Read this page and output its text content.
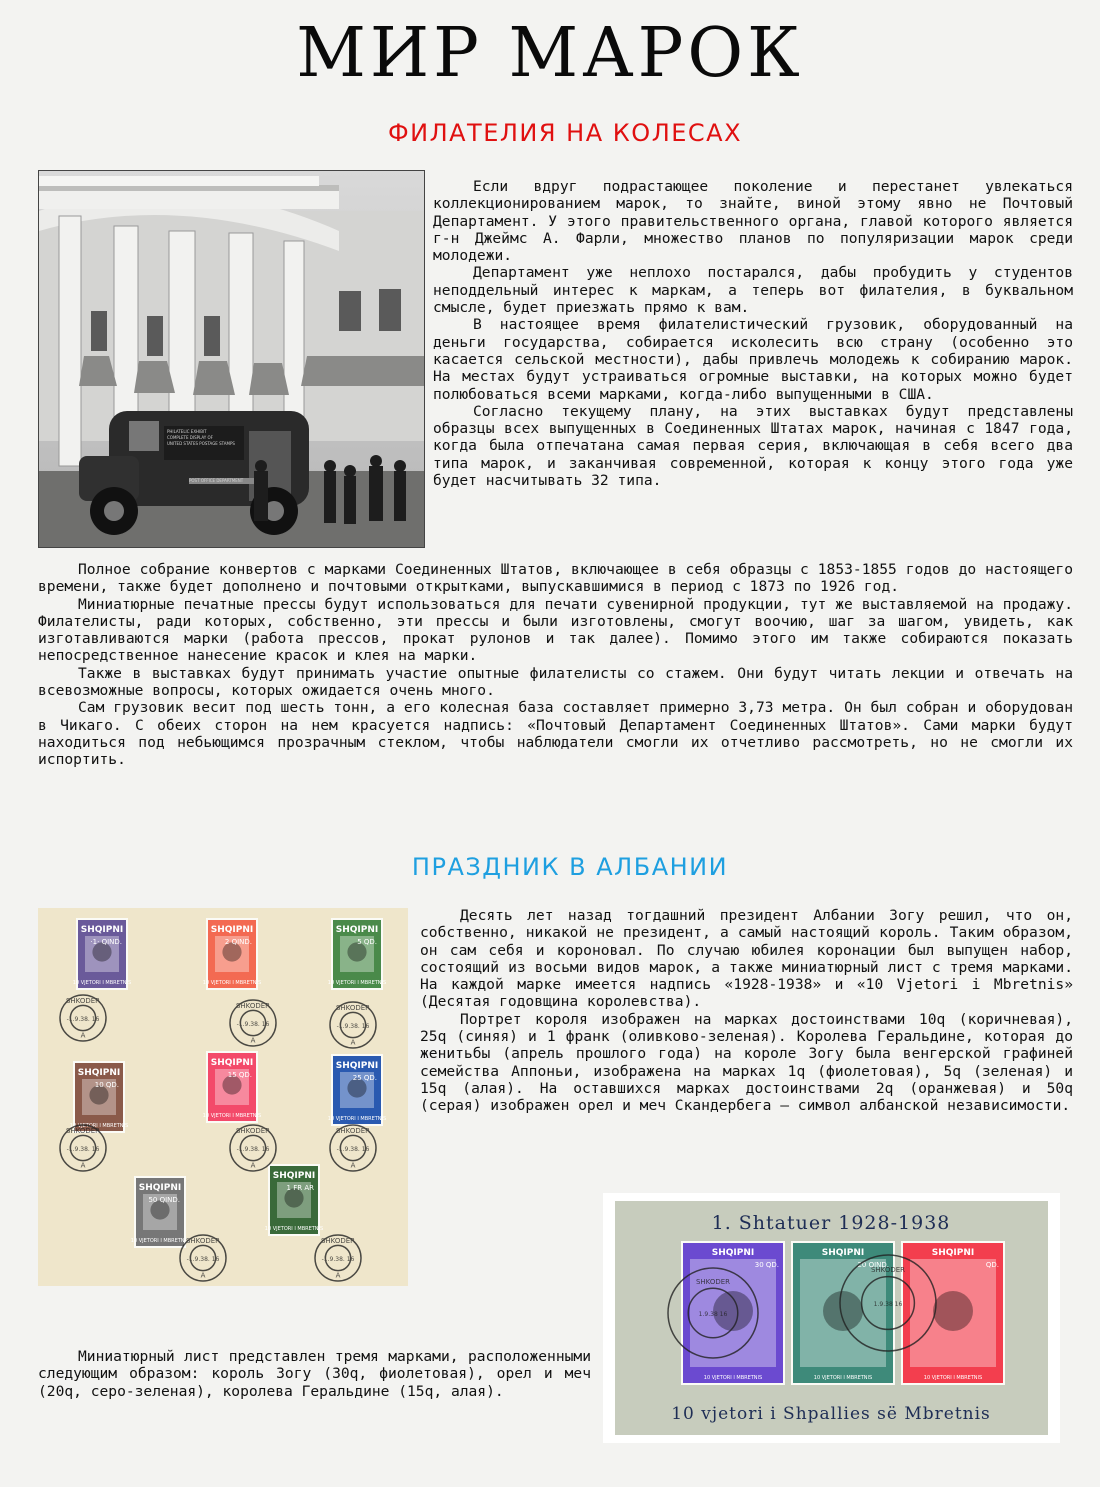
МИР МАРОК
ФИЛАТЕЛИЯ НА КОЛЕСАХ
PHILATELIC EXHIBIT
COMPLETE DISPLAY OF
UNITED STATES POSTAGE STAMPS
POST OFFICE DEPARTMENT

Если вдруг подрастающее поколение и перестанет увлекаться коллекционированием марок, то знайте, виной этому явно не Почтовый Департамент. У этого правительственного органа, главой которого является г-н Джеймс А. Фарли, множество планов по популяризации марок среди молодежи.

Департамент уже неплохо постарался, дабы пробудить у студентов неподдельный интерес к маркам, а теперь вот филателия, в буквальном смысле, будет приезжать прямо к вам.

В настоящее время филателистический грузовик, оборудованный на деньги государства, собирается исколесить всю страну (особенно это касается сельской местности), дабы привлечь молодежь к собиранию марок. На местах будут устраиваться огромные выставки, на которых можно будет полюбоваться всеми марками, когда-либо выпущенными в США.

Согласно текущему плану, на этих выставках будут представлены образцы всех выпущенных в Соединенных Штатах марок, начиная с 1847 года, когда была отпечатана самая первая серия, включающая в себя всего два типа марок, и заканчивая современной, которая к концу этого года уже будет насчитывать 32 типа.

Полное собрание конвертов с марками Соединенных Штатов, включающее в себя образцы с 1853-1855 годов до настоящего времени, также будет дополнено и почтовыми открытками, выпускавшимися в период с 1873 по 1926 год.

Миниатюрные печатные прессы будут использоваться для печати сувенирной продукции, тут же выставляемой на продажу. Филателисты, ради которых, собственно, эти прессы и были изготовлены, смогут воочию, шаг за шагом, увидеть, как изготавливаются марки (работа прессов, прокат рулонов и так далее). Помимо этого им также собираются показать непосредственное нанесение красок и клея на марки.

Также в выставках будут принимать участие опытные филателисты со стажем. Они будут читать лекции и отвечать на всевозможные вопросы, которых ожидается очень много.

Сам грузовик весит под шесть тонн, а его колесная база составляет примерно 3,73 метра. Он был собран и оборудован в Чикаго. С обеих сторон на нем красуется надпись: «Почтовый Департамент Соединенных Штатов». Сами марки будут находиться под небьющимся прозрачным стеклом, чтобы наблюдатели смогли их отчетливо рассмотреть, но не смогли их испортить.

ПРАЗДНИК В АЛБАНИИ
SHQIPNI
·1· QIND.
10 VJETORI I MBRETNIS
SHQIPNI
2 QIND.
10 VJETORI I MBRETNIS
SHQIPNI
5 QD.
10 VJETORI I MBRETNIS
SHQIPNI
10 QD.
10 VJETORI I MBRETNIS
SHQIPNI
15 QD.
10 VJETORI I MBRETNIS
SHQIPNI
25 QD.
10 VJETORI I MBRETNIS
SHQIPNI
50 QIND.
10 VJETORI I MBRETNIS
SHQIPNI
1 FR AR
10 VJETORI I MBRETNIS
SHKODER
-1.9.38. 16
A
SHKODER
-1.9.38. 16
A
SHKODER
-1.9.38. 16
A
SHKODER
-1.9.38. 16
A
SHKODER
-1.9.38. 16
A
SHKODER
-1.9.38. 16
A
SHKODER
-1.9.38. 16
A
SHKODER
-1.9.38. 16
A

Десять лет назад тогдашний президент Албании Зогу решил, что он, собственно, никакой не президент, а самый настоящий король. Таким образом, он сам себя и короновал. По случаю юбилея коронации был выпущен набор, состоящий из восьми видов марок, а также миниатюрный лист с тремя марками. На каждой марке имеется надпись «1928-1938» и «10 Vjetori i Mbretnis» (Десятая годовщина королевства).

Портрет короля изображен на марках достоинствами 10q (коричневая), 25q (синяя) и 1 франк (оливково-зеленая). Королева Геральдине, которая до женитьбы (апрель прошлого года) на короле Зогу была венгерской графиней семейства Аппоньи, изображена на марках 1q (фиолетовая), 5q (зеленая) и 15q (алая). На оставшихся марках достоинствами 2q (оранжевая) и 50q (серая) изображен орел и меч Скандербега – символ албанской независимости.

1. Shtatuer 1928-1938
10 vjetori i Shpallies së Mbretnis
SHQIPNI
30 QD.
10 VJETORI I MBRETNIS
SHQIPNI
20 QIND.
10 VJETORI I MBRETNIS
SHQIPNI
QD.
10 VJETORI I MBRETNIS
SHKODER
1.9.38 16
SHKODER
1.9.38 16

Миниатюрный лист представлен тремя марками, расположенными следующим образом: король Зогу (30q, фиолетовая), орел и меч (20q, серо-зеленая), королева Геральдине (15q, алая).
